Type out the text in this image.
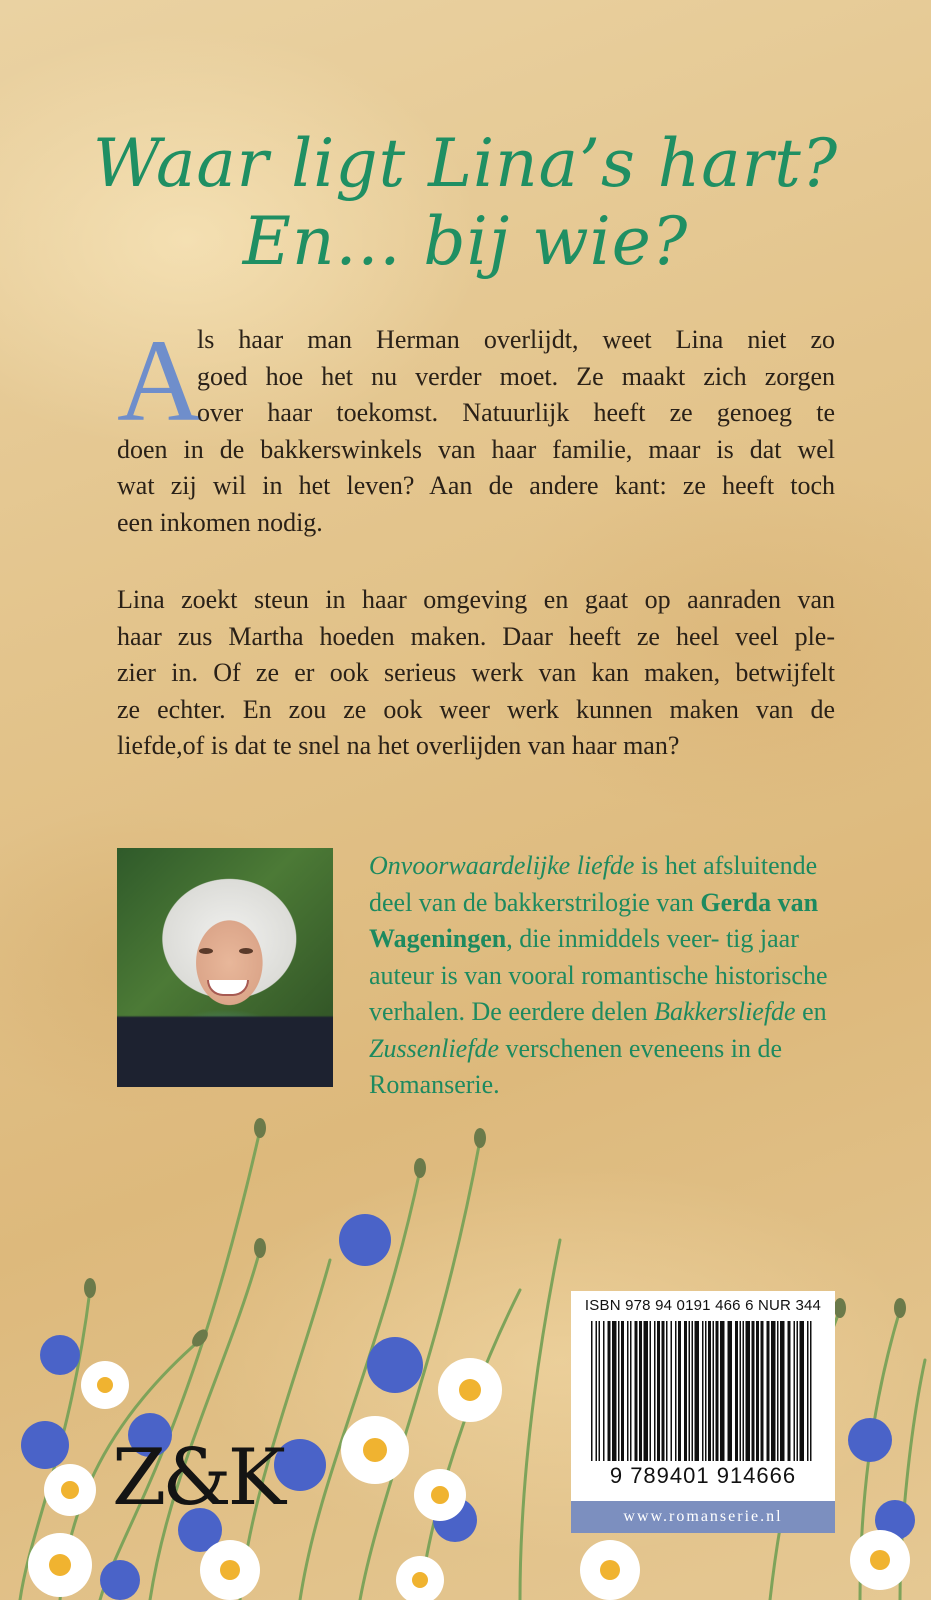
Waar ligt Lina’s hart?
En... bij wie?
A
ls haar man Herman overlijdt, weet Lina niet zo
goed hoe het nu verder moet. Ze maakt zich zorgen
over haar toekomst. Natuurlijk heeft ze genoeg te
doen in de bakkerswinkels van haar familie, maar is dat wel
wat zij wil in het leven? Aan de andere kant: ze heeft toch
een inkomen nodig.
Lina zoekt steun in haar omgeving en gaat op aanraden van
haar zus Martha hoeden maken. Daar heeft ze heel veel ple-
zier in. Of ze er ook serieus werk van kan maken, betwijfelt
ze echter. En zou ze ook weer werk kunnen maken van de
liefde,of is dat te snel na het overlijden van haar man?
Onvoorwaardelijke liefde is het afsluitende deel van de bakkerstrilogie van Gerda van Wageningen, die inmiddels veer- tig jaar auteur is van vooral romantische historische verhalen. De eerdere delen Bakkersliefde en Zussenliefde verschenen eveneens in de Romanserie.
ISBN 978 94 0191 466 6 NUR 344
9 789401 914666
www.romanserie.nl
Z&K
